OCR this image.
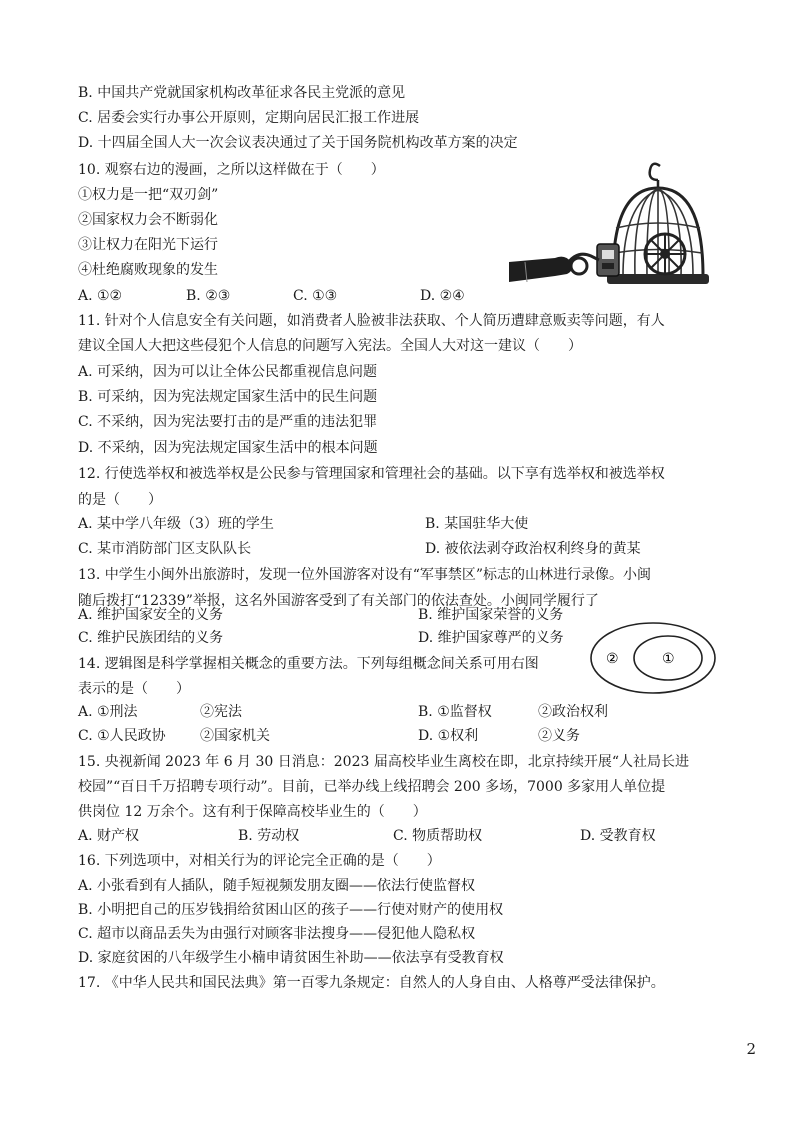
B. 中国共产党就国家机构改革征求各民主党派的意见
C. 居委会实行办事公开原则，定期向居民汇报工作进展
D. 十四届全国人大一次会议表决通过了关于国务院机构改革方案的决定
10. 观察右边的漫画，之所以这样做在于（　　）
①权力是一把“双刃剑”
②国家权力会不断弱化
③让权力在阳光下运行
④杜绝腐败现象的发生
A. ①②	B. ②③	C. ①③	D. ②④
11. 针对个人信息安全有关问题，如消费者人脸被非法获取、个人简历遭肆意贩卖等问题，有人
建议全国人大把这些侵犯个人信息的问题写入宪法。全国人大对这一建议（　　）
A. 可采纳，因为可以让全体公民都重视信息问题
B. 可采纳，因为宪法规定国家生活中的民生问题
C. 不采纳，因为宪法要打击的是严重的违法犯罪
D. 不采纳，因为宪法规定国家生活中的根本问题
12. 行使选举权和被选举权是公民参与管理国家和管理社会的基础。以下享有选举权和被选举权
的是（　　）
A. 某中学八年级（3）班的学生	B. 某国驻华大使
C. 某市消防部门区支队队长	D. 被依法剥夺政治权利终身的黄某
13. 中学生小闽外出旅游时，发现一位外国游客对设有“军事禁区”标志的山林进行录像。小闽
随后拨打“12339”举报，这名外国游客受到了有关部门的依法查处。小闽同学履行了
A. 维护国家安全的义务	B. 维护国家荣誉的义务
C. 维护民族团结的义务	D. 维护国家尊严的义务
②	①
14. 逻辑图是科学掌握相关概念的重要方法。下列每组概念间关系可用右图
表示的是（　　）
A. ①刑法	②宪法	B. ①监督权	②政治权利
C. ①人民政协 ②国家机关	D. ①权利	②义务
15. 央视新闻 2023 年 6 月 30 日消息：2023 届高校毕业生离校在即，北京持续开展“人社局长进
校园”“百日千万招聘专项行动”。目前，已举办线上线招聘会 200 多场，7000 多家用人单位提
供岗位 12 万余个。这有利于保障高校毕业生的（　　）
A. 财产权	B. 劳动权	C. 物质帮助权	D. 受教育权
16. 下列选项中，对相关行为的评论完全正确的是（　　）
A. 小张看到有人插队，随手短视频发朋友圈——依法行使监督权
B. 小明把自己的压岁钱捐给贫困山区的孩子——行使对财产的使用权
C. 超市以商品丢失为由强行对顾客非法搜身——侵犯他人隐私权
D. 家庭贫困的八年级学生小楠申请贫困生补助——依法享有受教育权
17. 《中华人民共和国民法典》第一百零九条规定：自然人的人身自由、人格尊严受法律保护。
2
